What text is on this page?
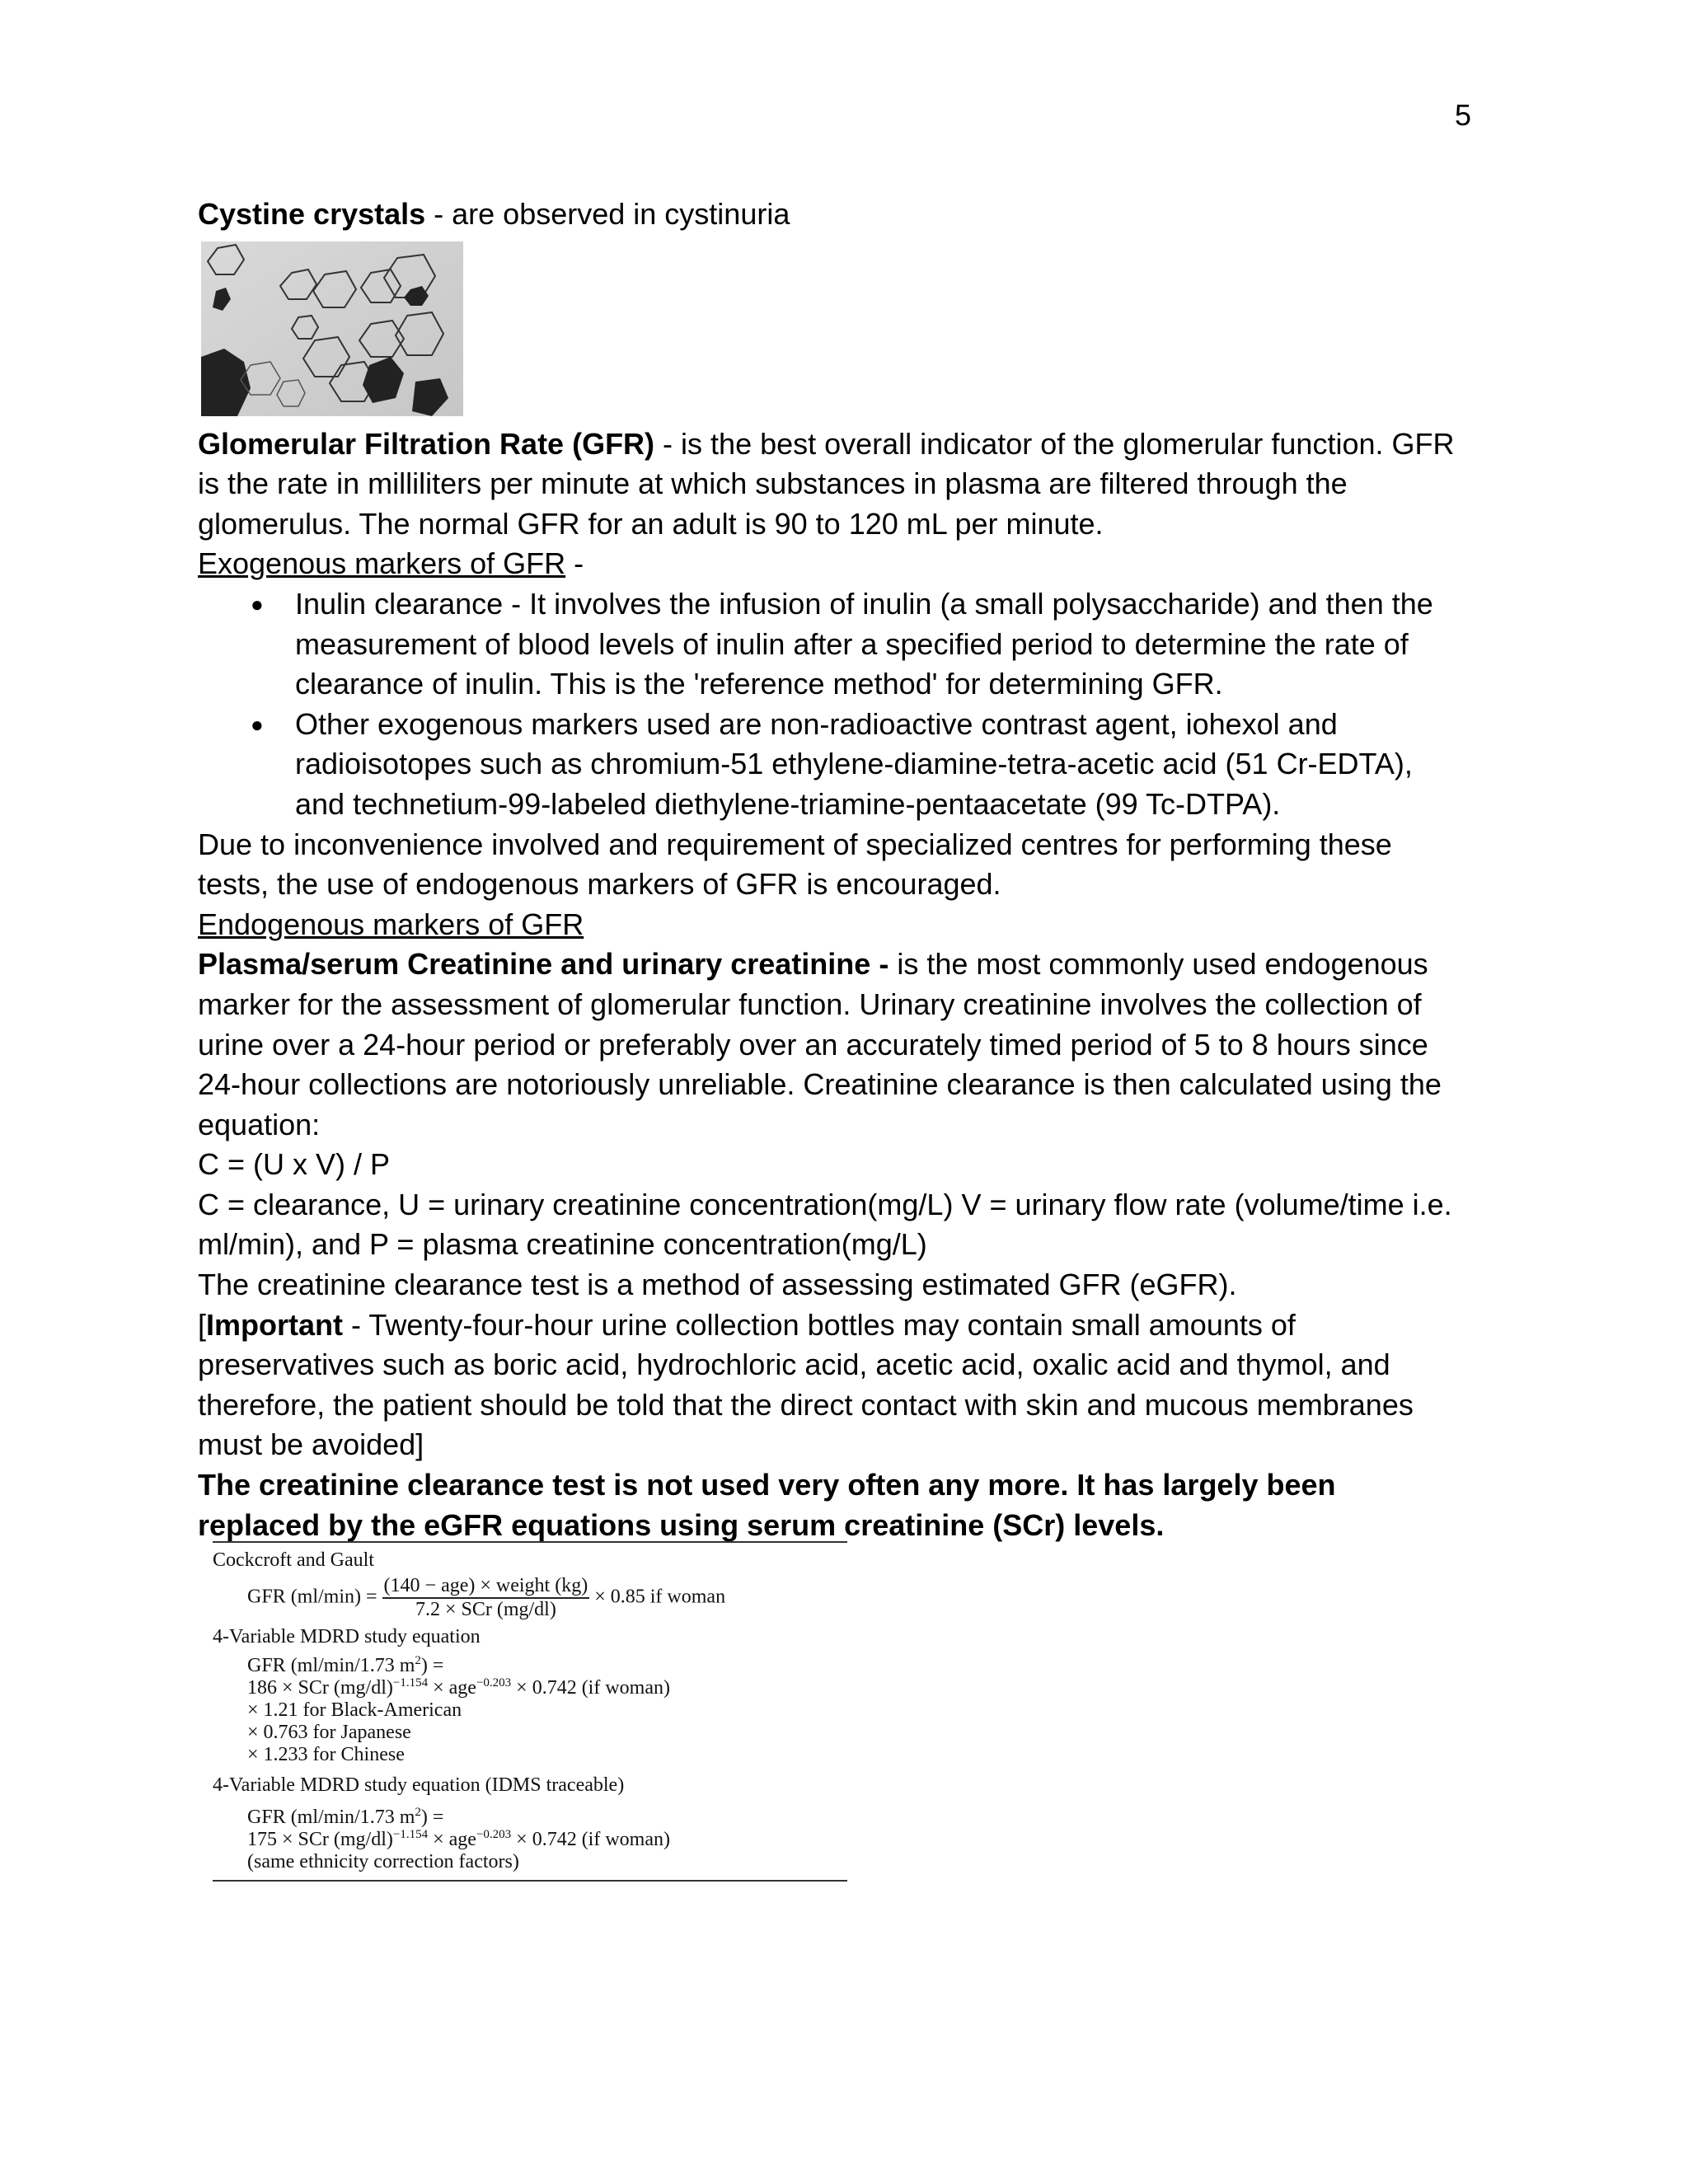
5

Cystine crystals - are observed in cystinuria

Glomerular Filtration Rate (GFR) - is the best overall indicator of the glomerular function. GFR

is the rate in milliliters per minute at which substances in plasma are filtered through the

glomerulus. The normal GFR for an adult is 90 to 120 mL per minute.

Exogenous markers of GFR -

● Inulin clearance - It involves the infusion of inulin (a small polysaccharide) and then the

measurement of blood levels of inulin after a specified period to determine the rate of

clearance of inulin. This is the 'reference method' for determining GFR.

● Other exogenous markers used are non-radioactive contrast agent, iohexol and

radioisotopes such as chromium-51 ethylene-diamine-tetra-acetic acid (51 Cr-EDTA),

and technetium-99-labeled diethylene-triamine-pentaacetate (99 Tc-DTPA).

Due to inconvenience involved and requirement of specialized centres for performing these

tests, the use of endogenous markers of GFR is encouraged.

Endogenous markers of GFR

Plasma/serum Creatinine and urinary creatinine - is the most commonly used endogenous

marker for the assessment of glomerular function. Urinary creatinine involves the collection of

urine over a 24-hour period or preferably over an accurately timed period of 5 to 8 hours since

24-hour collections are notoriously unreliable. Creatinine clearance is then calculated using the

equation:

C = (U x V) / P

C = clearance, U = urinary creatinine concentration(mg/L) V = urinary flow rate (volume/time i.e.

ml/min), and P = plasma creatinine concentration(mg/L)

The creatinine clearance test is a method of assessing estimated GFR (eGFR).

[Important - Twenty-four-hour urine collection bottles may contain small amounts of

preservatives such as boric acid, hydrochloric acid, acetic acid, oxalic acid and thymol, and

therefore, the patient should be told that the direct contact with skin and mucous membranes

must be avoided]

The creatinine clearance test is not used very often any more. It has largely been

replaced by the eGFR equations using serum creatinine (SCr) levels.

Cockcroft and Gault

GFR $(ml/\min) = \frac{\text{(140 − age) × weight (kg)}}{\text{7.2 × SCr (mg/dl)}} \times 0.85$ if woman

4-Variable MDRD study equation

GFR (ml/min/1.73 $m^2$) =
186 × SCr $(mg/dl)^{-1.154} \times age^{-0.203} \times 0.742$ (if woman)
× 1.21 for Black-American
× 0.763 for Japanese
× 1.233 for Chinese

4-Variable MDRD study equation (IDMS traceable)

GFR (ml/min/1.73 $m^2$) =
175 × SCr $(mg/dl)^{-1.154} \times age^{-0.203} \times 0.742$ (if woman)
(same ethnicity correction factors)
